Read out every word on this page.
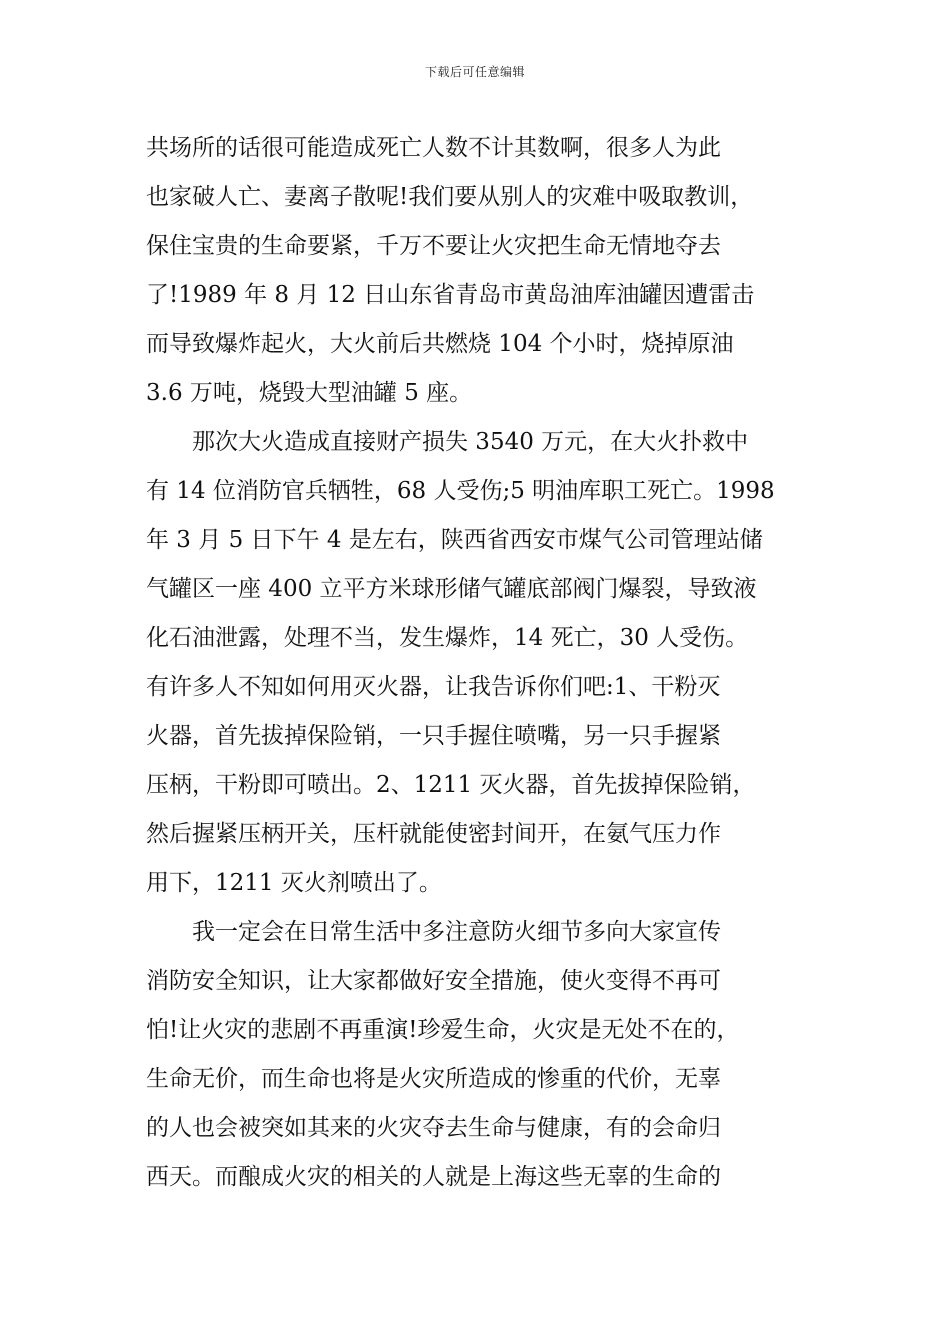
下载后可任意编辑
共场所的话很可能造成死亡人数不计其数啊，很多人为此
也家破人亡、妻离子散呢!我们要从别人的灾难中吸取教训，
保住宝贵的生命要紧，千万不要让火灾把生命无情地夺去
了!1989 年 8 月 12 日山东省青岛市黄岛油库油罐因遭雷击
而导致爆炸起火，大火前后共燃烧 104 个小时，烧掉原油
3.6 万吨，烧毁大型油罐 5 座。
　　那次大火造成直接财产损失 3540 万元，在大火扑救中
有 14 位消防官兵牺牲，68 人受伤;5 明油库职工死亡。1998
年 3 月 5 日下午 4 是左右，陕西省西安市煤气公司管理站储
气罐区一座 400 立平方米球形储气罐底部阀门爆裂，导致液
化石油泄露，处理不当，发生爆炸，14 死亡，30 人受伤。
有许多人不知如何用灭火器，让我告诉你们吧:1、干粉灭
火器，首先拔掉保险销，一只手握住喷嘴，另一只手握紧
压柄，干粉即可喷出。2、1211 灭火器，首先拔掉保险销，
然后握紧压柄开关，压杆就能使密封间开，在氨气压力作
用下，1211 灭火剂喷出了。
　　我一定会在日常生活中多注意防火细节多向大家宣传
消防安全知识，让大家都做好安全措施，使火变得不再可
怕!让火灾的悲剧不再重演!珍爱生命，火灾是无处不在的，
生命无价，而生命也将是火灾所造成的惨重的代价，无辜
的人也会被突如其来的火灾夺去生命与健康，有的会命归
西天。而酿成火灾的相关的人就是上海这些无辜的生命的
